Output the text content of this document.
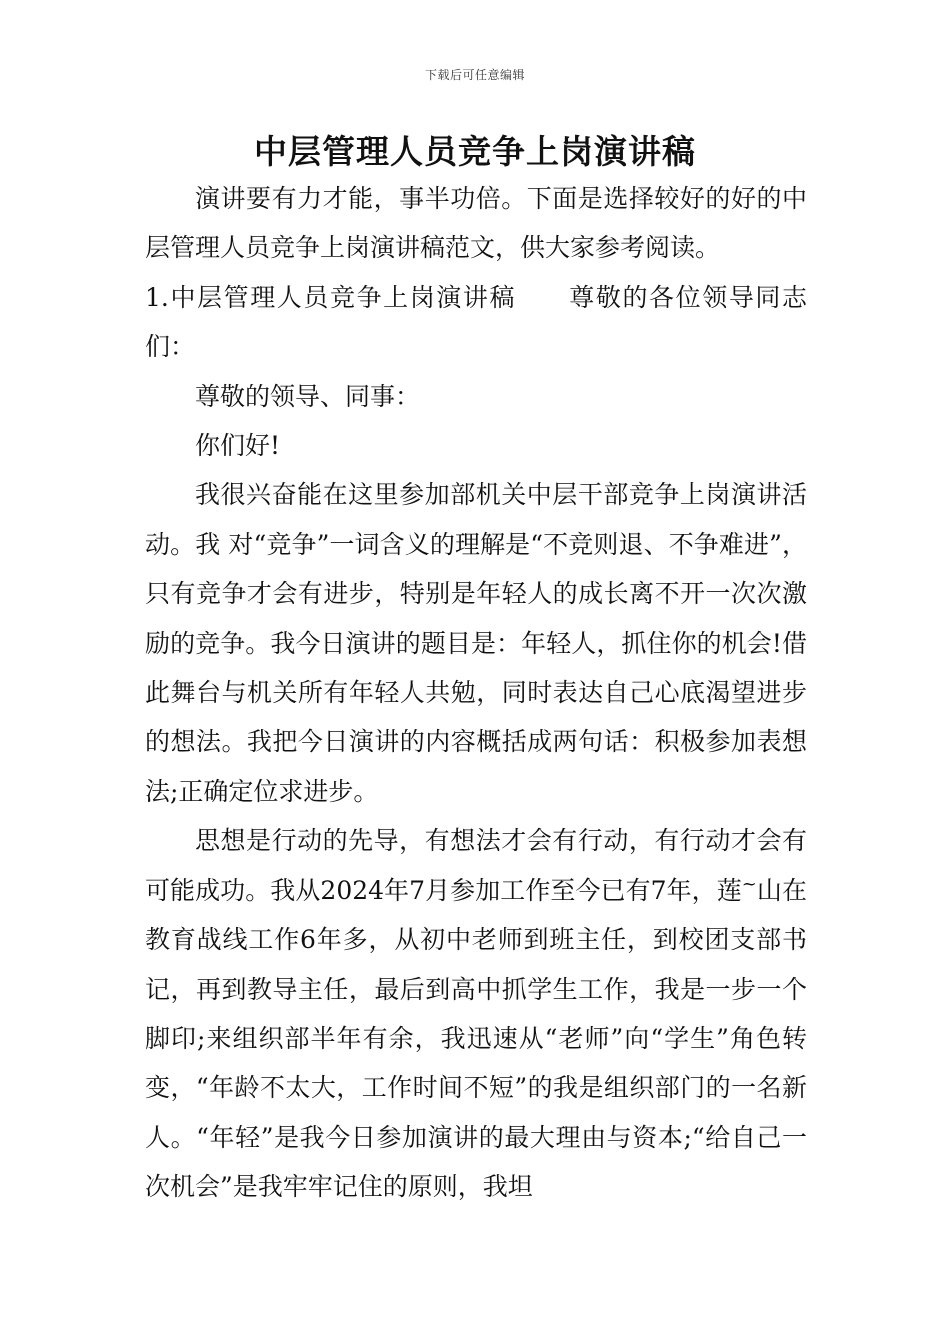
下载后可任意编辑
中层管理人员竞争上岗演讲稿

演讲要有力才能，事半功倍。下面是选择较好的好的中层管理人员竞争上岗演讲稿范文，供大家参考阅读。

1.中层管理人员竞争上岗演讲稿　　尊敬的各位领导同志们：

尊敬的领导、同事：

你们好!

我很兴奋能在这里参加部机关中层干部竞争上岗演讲活动。我 对“竞争”一词含义的理解是“不竞则退、不争难进”，只有竞争才会有进步，特别是年轻人的成长离不开一次次激励的竞争。我今日演讲的题目是：年轻人，抓住你的机会!借此舞台与机关所有年轻人共勉，同时表达自己心底渴望进步的想法。我把今日演讲的内容概括成两句话：积极参加表想法;正确定位求进步。

思想是行动的先导，有想法才会有行动，有行动才会有可能成功。我从2024年7月参加工作至今已有7年，莲~山在教育战线工作6年多，从初中老师到班主任，到校团支部书记，再到教导主任，最后到高中抓学生工作，我是一步一个脚印;来组织部半年有余，我迅速从“老师”向“学生”角色转变，“年龄不太大，工作时间不短”的我是组织部门的一名新人。“年轻”是我今日参加演讲的最大理由与资本;“给自己一次机会”是我牢牢记住的原则，我坦
